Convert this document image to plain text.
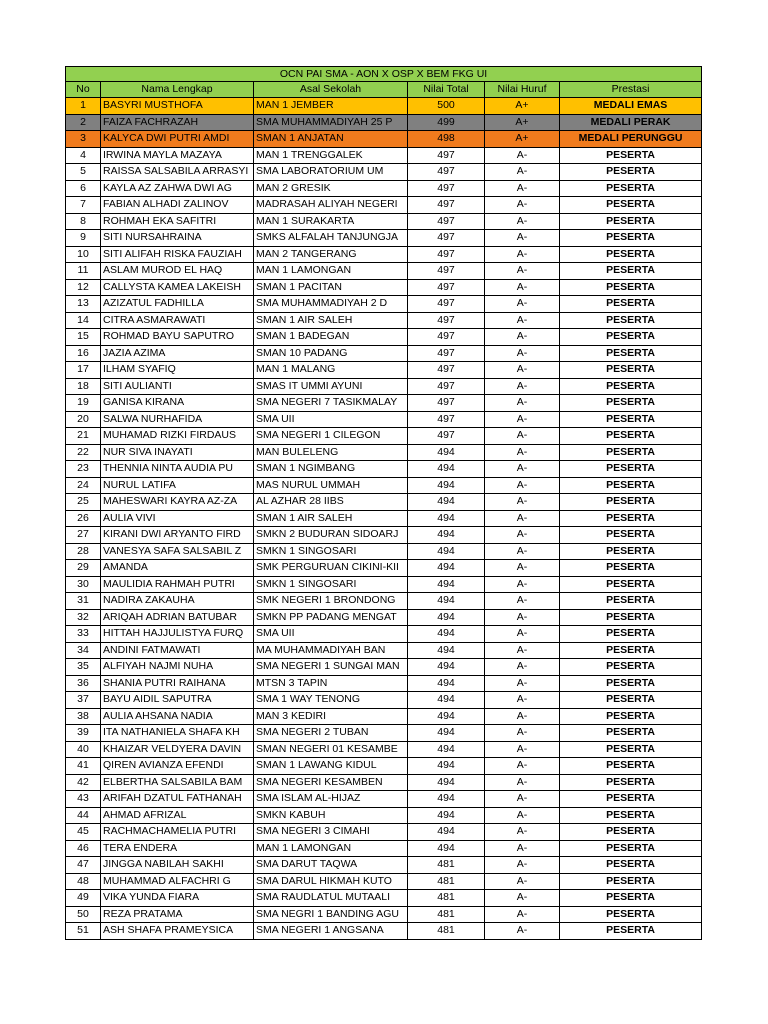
OCN PAI SMA - AON X OSP X BEM FKG UI					
No	Nama Lengkap	Asal Sekolah	Nilai Total	Nilai Huruf	Prestasi
1	BASYRI MUSTHOFA	MAN 1 JEMBER	500	A+	MEDALI EMAS
2	FAIZA FACHRAZAH	SMA MUHAMMADIYAH 25 P	499	A+	MEDALI PERAK
3	KALYCA DWI PUTRI AMDI	SMAN 1 ANJATAN	498	A+	MEDALI PERUNGGU
4	IRWINA MAYLA MAZAYA	MAN 1 TRENGGALEK	497	A-	PESERTA
5	RAISSA SALSABILA ARRASYI	SMA LABORATORIUM UM	497	A-	PESERTA
6	KAYLA AZ ZAHWA DWI AG	MAN 2 GRESIK	497	A-	PESERTA
7	FABIAN ALHADI ZALINOV	MADRASAH ALIYAH NEGERI	497	A-	PESERTA
8	ROHMAH EKA SAFITRI	MAN 1 SURAKARTA	497	A-	PESERTA
9	SITI NURSAHRAINA	SMKS ALFALAH TANJUNGJA	497	A-	PESERTA
10	SITI ALIFAH RISKA FAUZIAH	MAN 2 TANGERANG	497	A-	PESERTA
11	ASLAM MUROD EL HAQ	MAN 1 LAMONGAN	497	A-	PESERTA
12	CALLYSTA KAMEA LAKEISH	SMAN 1 PACITAN	497	A-	PESERTA
13	AZIZATUL FADHILLA	SMA MUHAMMADIYAH 2 D	497	A-	PESERTA
14	CITRA ASMARAWATI	SMAN 1 AIR SALEH	497	A-	PESERTA
15	ROHMAD BAYU SAPUTRO	SMAN 1 BADEGAN	497	A-	PESERTA
16	JAZIA AZIMA	SMAN 10 PADANG	497	A-	PESERTA
17	ILHAM SYAFIQ	MAN 1 MALANG	497	A-	PESERTA
18	SITI AULIANTI	SMAS IT UMMI AYUNI	497	A-	PESERTA
19	GANISA KIRANA	SMA NEGERI 7 TASIKMALAY	497	A-	PESERTA
20	SALWA NURHAFIDA	SMA UII	497	A-	PESERTA
21	MUHAMAD RIZKI FIRDAUS	SMA NEGERI 1 CILEGON	497	A-	PESERTA
22	NUR SIVA INAYATI	MAN BULELENG	494	A-	PESERTA
23	THENNIA NINTA AUDIA PU	SMAN 1 NGIMBANG	494	A-	PESERTA
24	NURUL LATIFA	MAS NURUL UMMAH	494	A-	PESERTA
25	MAHESWARI KAYRA AZ-ZA	AL AZHAR 28 IIBS	494	A-	PESERTA
26	AULIA VIVI	SMAN 1 AIR SALEH	494	A-	PESERTA
27	KIRANI DWI ARYANTO FIRD	SMKN 2 BUDURAN SIDOARJ	494	A-	PESERTA
28	VANESYA SAFA SALSABIL Z	SMKN 1 SINGOSARI	494	A-	PESERTA
29	AMANDA	SMK PERGURUAN CIKINI-KII	494	A-	PESERTA
30	MAULIDIA RAHMAH PUTRI	SMKN 1 SINGOSARI	494	A-	PESERTA
31	NADIRA ZAKAUHA	SMK NEGERI 1 BRONDONG	494	A-	PESERTA
32	ARIQAH ADRIAN BATUBAR	SMKN PP PADANG MENGAT	494	A-	PESERTA
33	HITTAH HAJJULISTYA FURQ	SMA UII	494	A-	PESERTA
34	ANDINI FATMAWATI	MA MUHAMMADIYAH BAN	494	A-	PESERTA
35	ALFIYAH NAJMI NUHA	SMA NEGERI 1 SUNGAI MAN	494	A-	PESERTA
36	SHANIA PUTRI RAIHANA	MTSN 3 TAPIN	494	A-	PESERTA
37	BAYU AIDIL SAPUTRA	SMA 1 WAY TENONG	494	A-	PESERTA
38	AULIA AHSANA NADIA	MAN 3 KEDIRI	494	A-	PESERTA
39	ITA NATHANIELA SHAFA KH	SMA NEGERI 2 TUBAN	494	A-	PESERTA
40	KHAIZAR VELDYERA DAVIN	SMAN NEGERI 01 KESAMBE	494	A-	PESERTA
41	QIREN AVIANZA EFENDI	SMAN 1 LAWANG KIDUL	494	A-	PESERTA
42	ELBERTHA SALSABILA BAM	SMA NEGERI KESAMBEN	494	A-	PESERTA
43	ARIFAH DZATUL FATHANAH	SMA ISLAM AL-HIJAZ	494	A-	PESERTA
44	AHMAD AFRIZAL	SMKN KABUH	494	A-	PESERTA
45	RACHMACHAMELIA PUTRI	SMA NEGERI 3 CIMAHI	494	A-	PESERTA
46	TERA ENDERA	MAN 1 LAMONGAN	494	A-	PESERTA
47	JINGGA NABILAH SAKHI	SMA DARUT TAQWA	481	A-	PESERTA
48	MUHAMMAD ALFACHRI G	SMA DARUL HIKMAH KUTO	481	A-	PESERTA
49	VIKA YUNDA FIARA	SMA RAUDLATUL MUTAALI	481	A-	PESERTA
50	REZA PRATAMA	SMA NEGRI 1 BANDING AGU	481	A-	PESERTA
51	ASH SHAFA PRAMEYSICA	SMA NEGERI 1 ANGSANA	481	A-	PESERTA
